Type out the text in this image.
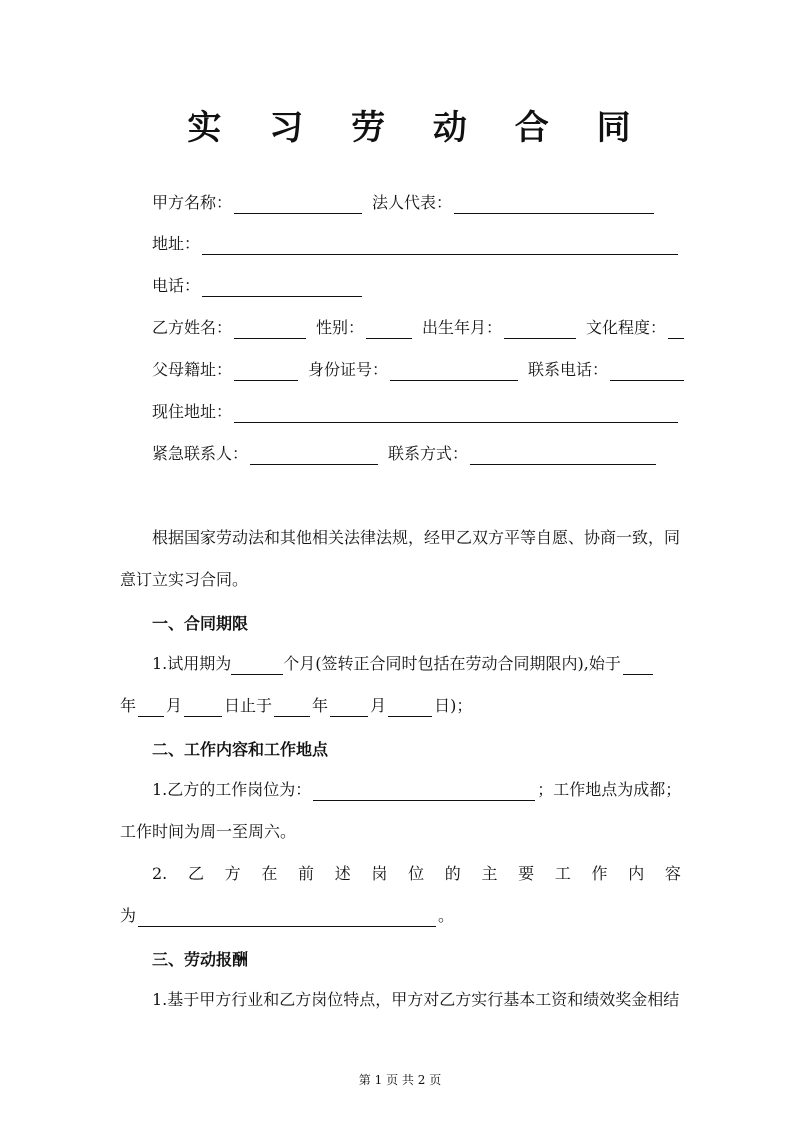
实 习 劳 动 合 同
甲方名称：	法人代表：
地址：
电话：
乙方姓名：	性别：	出生年月：	文化程度：
父母籍址：	身份证号：	联系电话：
现住地址：
紧急联系人：	联系方式：
根据国家劳动法和其他相关法律法规，经甲乙双方平等自愿、协商一致，同
意订立实习合同。
一、合同期限
1.试用期为	个月(签转正合同时包括在劳动合同期限内),始于
年 月	日止于	年	月	日)；
二、工作内容和工作地点
1.乙方的工作岗位为：	；工作地点为成都；
工作时间为周一至周六。
2. 乙 方 在 前 述 岗 位 的 主 要 工 作 内 容
为	。
三、劳动报酬
1.基于甲方行业和乙方岗位特点，甲方对乙方实行基本工资和绩效奖金相结
第 1 页 共 2 页
